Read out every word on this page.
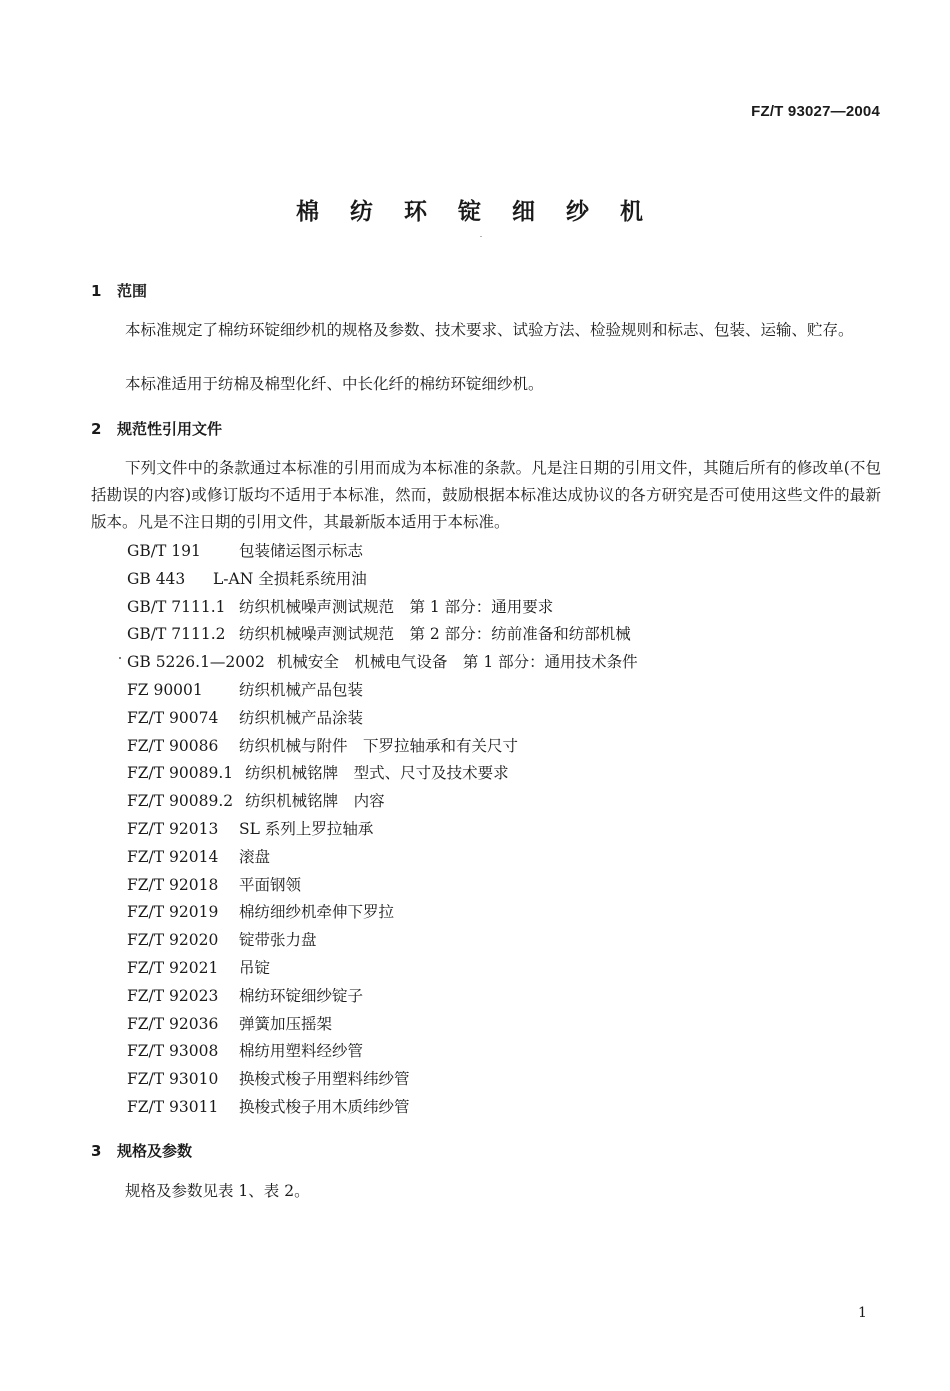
FZ/T 93027—2004
棉纺环锭细纱机
1 范围

本标准规定了棉纺环锭细纱机的规格及参数、技术要求、试验方法、检验规则和标志、包装、运输、贮存。

本标准适用于纺棉及棉型化纤、中长化纤的棉纺环锭细纱机。

2 规范性引用文件

下列文件中的条款通过本标准的引用而成为本标准的条款。凡是注日期的引用文件，其随后所有的修改单(不包括勘误的内容)或修订版均不适用于本标准，然而，鼓励根据本标准达成协议的各方研究是否可使用这些文件的最新版本。凡是不注日期的引用文件，其最新版本适用于本标准。

GB/T 191 包装储运图示标志
GB 443 L-AN 全损耗系统用油
GB/T 7111.1 纺织机械噪声测试规范　第 1 部分：通用要求
GB/T 7111.2 纺织机械噪声测试规范　第 2 部分：纺前准备和纺部机械
GB 5226.1—2002 机械安全　机械电气设备　第 1 部分：通用技术条件
FZ 90001 纺织机械产品包装
FZ/T 90074 纺织机械产品涂装
FZ/T 90086 纺织机械与附件　下罗拉轴承和有关尺寸
FZ/T 90089.1 纺织机械铭牌　型式、尺寸及技术要求
FZ/T 90089.2 纺织机械铭牌　内容
FZ/T 92013 SL 系列上罗拉轴承
FZ/T 92014 滚盘
FZ/T 92018 平面钢领
FZ/T 92019 棉纺细纱机牵伸下罗拉
FZ/T 92020 锭带张力盘
FZ/T 92021 吊锭
FZ/T 92023 棉纺环锭细纱锭子
FZ/T 92036 弹簧加压摇架
FZ/T 93008 棉纺用塑料经纱管
FZ/T 93010 换梭式梭子用塑料纬纱管
FZ/T 93011 换梭式梭子用木质纬纱管
3 规格及参数

规格及参数见表 1、表 2。

1
